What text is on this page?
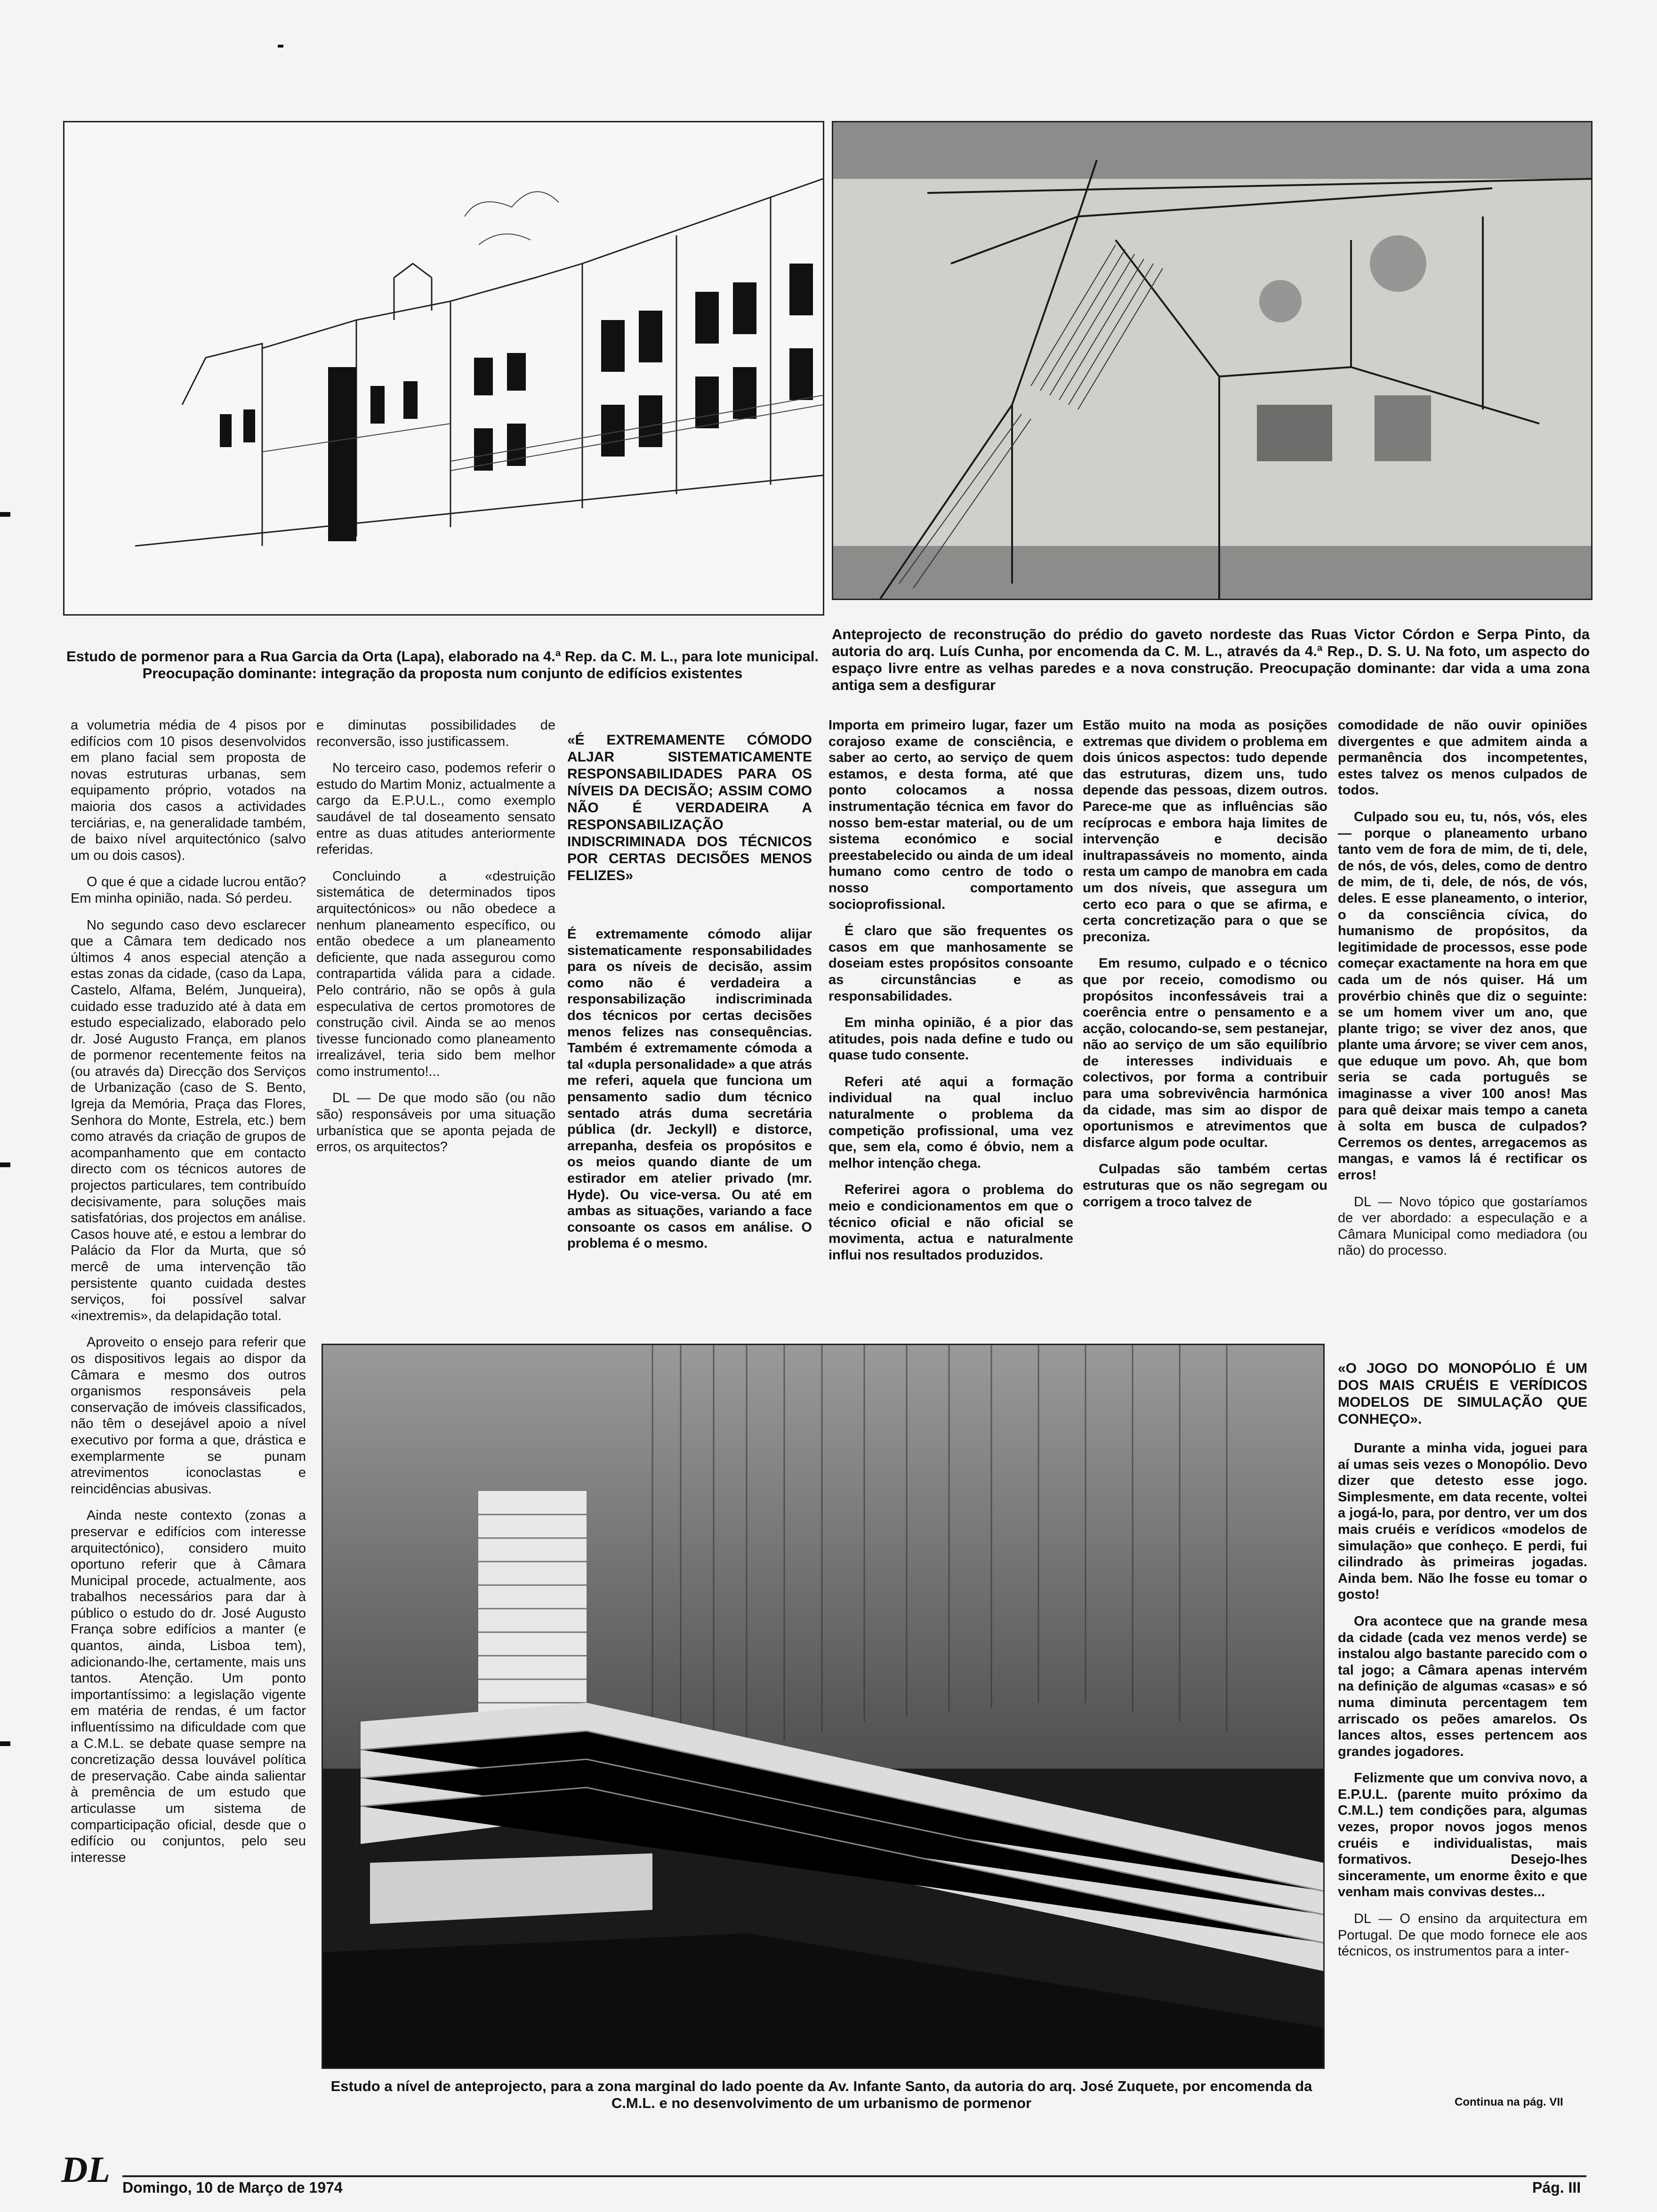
Estudo de pormenor para a Rua Garcia da Orta (Lapa), elaborado na 4.ª Rep. da C. M. L., para lote municipal. Preocupação dominante: integração da proposta num conjunto de edifícios existentes
Anteprojecto de reconstrução do prédio do gaveto nordeste das Ruas Victor Córdon e Serpa Pinto, da autoria do arq. Luís Cunha, por encomenda da C. M. L., através da 4.ª Rep., D. S. U. Na foto, um aspecto do espaço livre entre as velhas paredes e a nova construção. Preocupação dominante: dar vida a uma zona antiga sem a desfigurar

a volumetria média de 4 pisos por edifícios com 10 pisos desenvolvidos em plano facial sem proposta de novas estruturas urbanas, sem equipamento próprio, votados na maioria dos casos a actividades terciárias, e, na generalidade também, de baixo nível arquitectónico (salvo um ou dois casos).

O que é que a cidade lucrou então? Em minha opinião, nada. Só perdeu.

No segundo caso devo esclarecer que a Câmara tem dedicado nos últimos 4 anos especial atenção a estas zonas da cidade, (caso da Lapa, Castelo, Alfama, Belém, Junqueira), cuidado esse traduzido até à data em estudo especializado, elaborado pelo dr. José Augusto França, em planos de pormenor recentemente feitos na (ou através da) Direcção dos Serviços de Urbanização (caso de S. Bento, Igreja da Memória, Praça das Flores, Senhora do Monte, Estrela, etc.) bem como através da criação de grupos de acompanhamento que em contacto directo com os técnicos autores de projectos particulares, tem contribuído decisivamente, para soluções mais satisfatórias, dos projectos em análise. Casos houve até, e estou a lembrar do Palácio da Flor da Murta, que só mercê de uma intervenção tão persistente quanto cuidada destes serviços, foi possível salvar «inextremis», da delapidação total.

Aproveito o ensejo para referir que os dispositivos legais ao dispor da Câmara e mesmo dos outros organismos responsáveis pela conservação de imóveis classificados, não têm o desejável apoio a nível executivo por forma a que, drástica e exemplarmente se punam atrevimentos iconoclastas e reincidências abusivas.

Ainda neste contexto (zonas a preservar e edifícios com interesse arquitectónico), considero muito oportuno referir que à Câmara Municipal procede, actualmente, aos trabalhos necessários para dar à público o estudo do dr. José Augusto França sobre edifícios a manter (e quantos, ainda, Lisboa tem), adicionando-lhe, certamente, mais uns tantos. Atenção. Um ponto importantíssimo: a legislação vigente em matéria de rendas, é um factor influentíssimo na dificuldade com que a C.M.L. se debate quase sempre na concretização dessa louvável política de preservação. Cabe ainda salientar à premência de um estudo que articulasse um sistema de comparticipação oficial, desde que o edifício ou conjuntos, pelo seu interesse

e diminutas possibilidades de reconversão, isso justificassem.

No terceiro caso, podemos referir o estudo do Martim Moniz, actualmente a cargo da E.P.U.L., como exemplo saudável de tal doseamento sensato entre as duas atitudes anteriormente referidas.

Concluindo a «destruição sistemática de determinados tipos arquitectónicos» ou não obedece a nenhum planeamento específico, ou então obedece a um planeamento deficiente, que nada assegurou como contrapartida válida para a cidade. Pelo contrário, não se opôs à gula especulativa de certos promotores de construção civil. Ainda se ao menos tivesse funcionado como planeamento irrealizável, teria sido bem melhor como instrumento!...

DL — De que modo são (ou não são) responsáveis por uma situação urbanística que se aponta pejada de erros, os arquitectos?

«É EXTREMAMENTE CÓMODO ALJAR SISTEMATICAMENTE RESPONSABILIDADES PARA OS NÍVEIS DA DECISÃO; ASSIM COMO NÃO É VERDADEIRA A RESPONSABILIZAÇÃO INDISCRIMINADA DOS TÉCNICOS POR CERTAS DECISÕES MENOS FELIZES»

É extremamente cómodo alijar sistematicamente responsabilidades para os níveis de decisão, assim como não é verdadeira a responsabilização indiscriminada dos técnicos por certas decisões menos felizes nas consequências. Também é extremamente cómoda a tal «dupla personalidade» a que atrás me referi, aquela que funciona um pensamento sadio dum técnico sentado atrás duma secretária pública (dr. Jeckyll) e distorce, arrepanha, desfeia os propósitos e os meios quando diante de um estirador em atelier privado (mr. Hyde). Ou vice-versa. Ou até em ambas as situações, variando a face consoante os casos em análise. O problema é o mesmo.

Importa em primeiro lugar, fazer um corajoso exame de consciência, e saber ao certo, ao serviço de quem estamos, e desta forma, até que ponto colocamos a nossa instrumentação técnica em favor do nosso bem-estar material, ou de um sistema económico e social preestabelecido ou ainda de um ideal humano como centro de todo o nosso comportamento socioprofissional.

É claro que são frequentes os casos em que manhosamente se doseiam estes propósitos consoante as circunstâncias e as responsabilidades.

Em minha opinião, é a pior das atitudes, pois nada define e tudo ou quase tudo consente.

Referi até aqui a formação individual na qual incluo naturalmente o problema da competição profissional, uma vez que, sem ela, como é óbvio, nem a melhor intenção chega.

Referirei agora o problema do meio e condicionamentos em que o técnico oficial e não oficial se movimenta, actua e naturalmente influi nos resultados produzidos.

Estão muito na moda as posições extremas que dividem o problema em dois únicos aspectos: tudo depende das estruturas, dizem uns, tudo depende das pessoas, dizem outros. Parece-me que as influências são recíprocas e embora haja limites de intervenção e decisão inultrapassáveis no momento, ainda resta um campo de manobra em cada um dos níveis, que assegura um certo eco para o que se afirma, e certa concretização para o que se preconiza.

Em resumo, culpado e o técnico que por receio, comodismo ou propósitos inconfessáveis trai a coerência entre o pensamento e a acção, colocando-se, sem pestanejar, não ao serviço de um são equilíbrio de interesses individuais e colectivos, por forma a contribuir para uma sobrevivência harmónica da cidade, mas sim ao dispor de oportunismos e atrevimentos que disfarce algum pode ocultar.

Culpadas são também certas estruturas que os não segregam ou corrigem a troco talvez de

comodidade de não ouvir opiniões divergentes e que admitem ainda a permanência dos incompetentes, estes talvez os menos culpados de todos.

Culpado sou eu, tu, nós, vós, eles — porque o planeamento urbano tanto vem de fora de mim, de ti, dele, de nós, de vós, deles, como de dentro de mim, de ti, dele, de nós, de vós, deles. E esse planeamento, o interior, o da consciência cívica, do humanismo de propósitos, da legitimidade de processos, esse pode começar exactamente na hora em que cada um de nós quiser. Há um provérbio chinês que diz o seguinte: se um homem viver um ano, que plante trigo; se viver dez anos, que plante uma árvore; se viver cem anos, que eduque um povo. Ah, que bom seria se cada português se imaginasse a viver 100 anos! Mas para quê deixar mais tempo a caneta à solta em busca de culpados? Cerremos os dentes, arregacemos as mangas, e vamos lá é rectificar os erros!

DL — Novo tópico que gostaríamos de ver abordado: a especulação e a Câmara Municipal como mediadora (ou não) do processo.

«O JOGO DO MONOPÓLIO É UM DOS MAIS CRUÉIS E VERÍDICOS MODELOS DE SIMULAÇÃO QUE CONHEÇO».

Durante a minha vida, joguei para aí umas seis vezes o Monopólio. Devo dizer que detesto esse jogo. Simplesmente, em data recente, voltei a jogá-lo, para, por dentro, ver um dos mais cruéis e verídicos «modelos de simulação» que conheço. E perdi, fui cilindrado às primeiras jogadas. Ainda bem. Não lhe fosse eu tomar o gosto!

Ora acontece que na grande mesa da cidade (cada vez menos verde) se instalou algo bastante parecido com o tal jogo; a Câmara apenas intervém na definição de algumas «casas» e só numa diminuta percentagem tem arriscado os peões amarelos. Os lances altos, esses pertencem aos grandes jogadores.

Felizmente que um conviva novo, a E.P.U.L. (parente muito próximo da C.M.L.) tem condições para, algumas vezes, propor novos jogos menos cruéis e individualistas, mais formativos. Desejo-lhes sinceramente, um enorme êxito e que venham mais convivas destes...

DL — O ensino da arquitectura em Portugal. De que modo fornece ele aos técnicos, os instrumentos para a inter-

Estudo a nível de anteprojecto, para a zona marginal do lado poente da Av. Infante Santo, da autoria do arq. José Zuquete, por encomenda da C.M.L. e no desenvolvimento de um urbanismo de pormenor	Continua na pág. VII
DL Domingo, 10 de Março de 1974	Pág. III
